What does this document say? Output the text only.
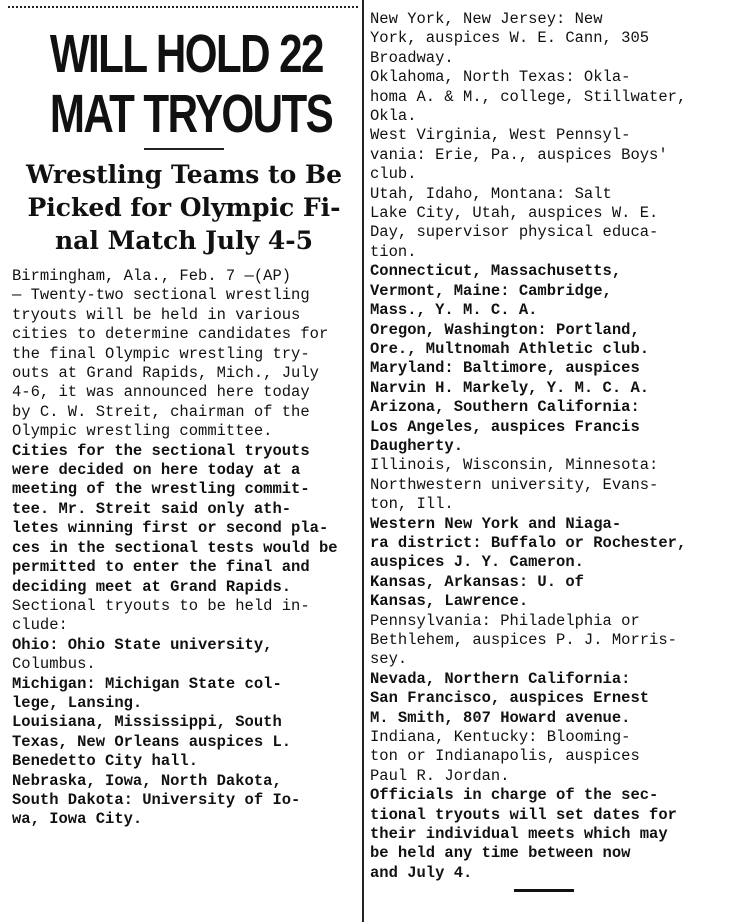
WILL HOLD 22
MAT TRYOUTS
Wrestling Teams to Be
Picked for Olympic Fi-
nal Match July 4-5
Birmingham, Ala., Feb. 7 —(AP)
— Twenty-two sectional wrestling
tryouts will be held in various
cities to determine candidates for
the final Olympic wrestling try-
outs at Grand Rapids, Mich., July
4-6, it was announced here today
by C. W. Streit, chairman of the
Olympic wrestling committee.
Cities for the sectional tryouts
were decided on here today at a
meeting of the wrestling commit-
tee. Mr. Streit said only ath-
letes winning first or second pla-
ces in the sectional tests would be
permitted to enter the final and
deciding meet at Grand Rapids.
Sectional tryouts to be held in-
clude:
Ohio: Ohio State university,
Columbus.
Michigan: Michigan State col-
lege, Lansing.
Louisiana, Mississippi, South
Texas, New Orleans auspices L.
Benedetto City hall.
Nebraska, Iowa, North Dakota,
South Dakota: University of Io-
wa, Iowa City.
New York, New Jersey: New
York, auspices W. E. Cann, 305
Broadway.
Oklahoma, North Texas: Okla-
homa A. & M., college, Stillwater,
Okla.
West Virginia, West Pennsyl-
vania: Erie, Pa., auspices Boys'
club.
Utah, Idaho, Montana: Salt
Lake City, Utah, auspices W. E.
Day, supervisor physical educa-
tion.
Connecticut, Massachusetts,
Vermont, Maine: Cambridge,
Mass., Y. M. C. A.
Oregon, Washington: Portland,
Ore., Multnomah Athletic club.
Maryland: Baltimore, auspices
Narvin H. Markely, Y. M. C. A.
Arizona, Southern California:
Los Angeles, auspices Francis
Daugherty.
Illinois, Wisconsin, Minnesota:
Northwestern university, Evans-
ton, Ill.
Western New York and Niaga-
ra district: Buffalo or Rochester,
auspices J. Y. Cameron.
Kansas, Arkansas: U. of
Kansas, Lawrence.
Pennsylvania: Philadelphia or
Bethlehem, auspices P. J. Morris-
sey.
Nevada, Northern California:
San Francisco, auspices Ernest
M. Smith, 807 Howard avenue.
Indiana, Kentucky: Blooming-
ton or Indianapolis, auspices
Paul R. Jordan.
Officials in charge of the sec-
tional tryouts will set dates for
their individual meets which may
be held any time between now
and July 4.
